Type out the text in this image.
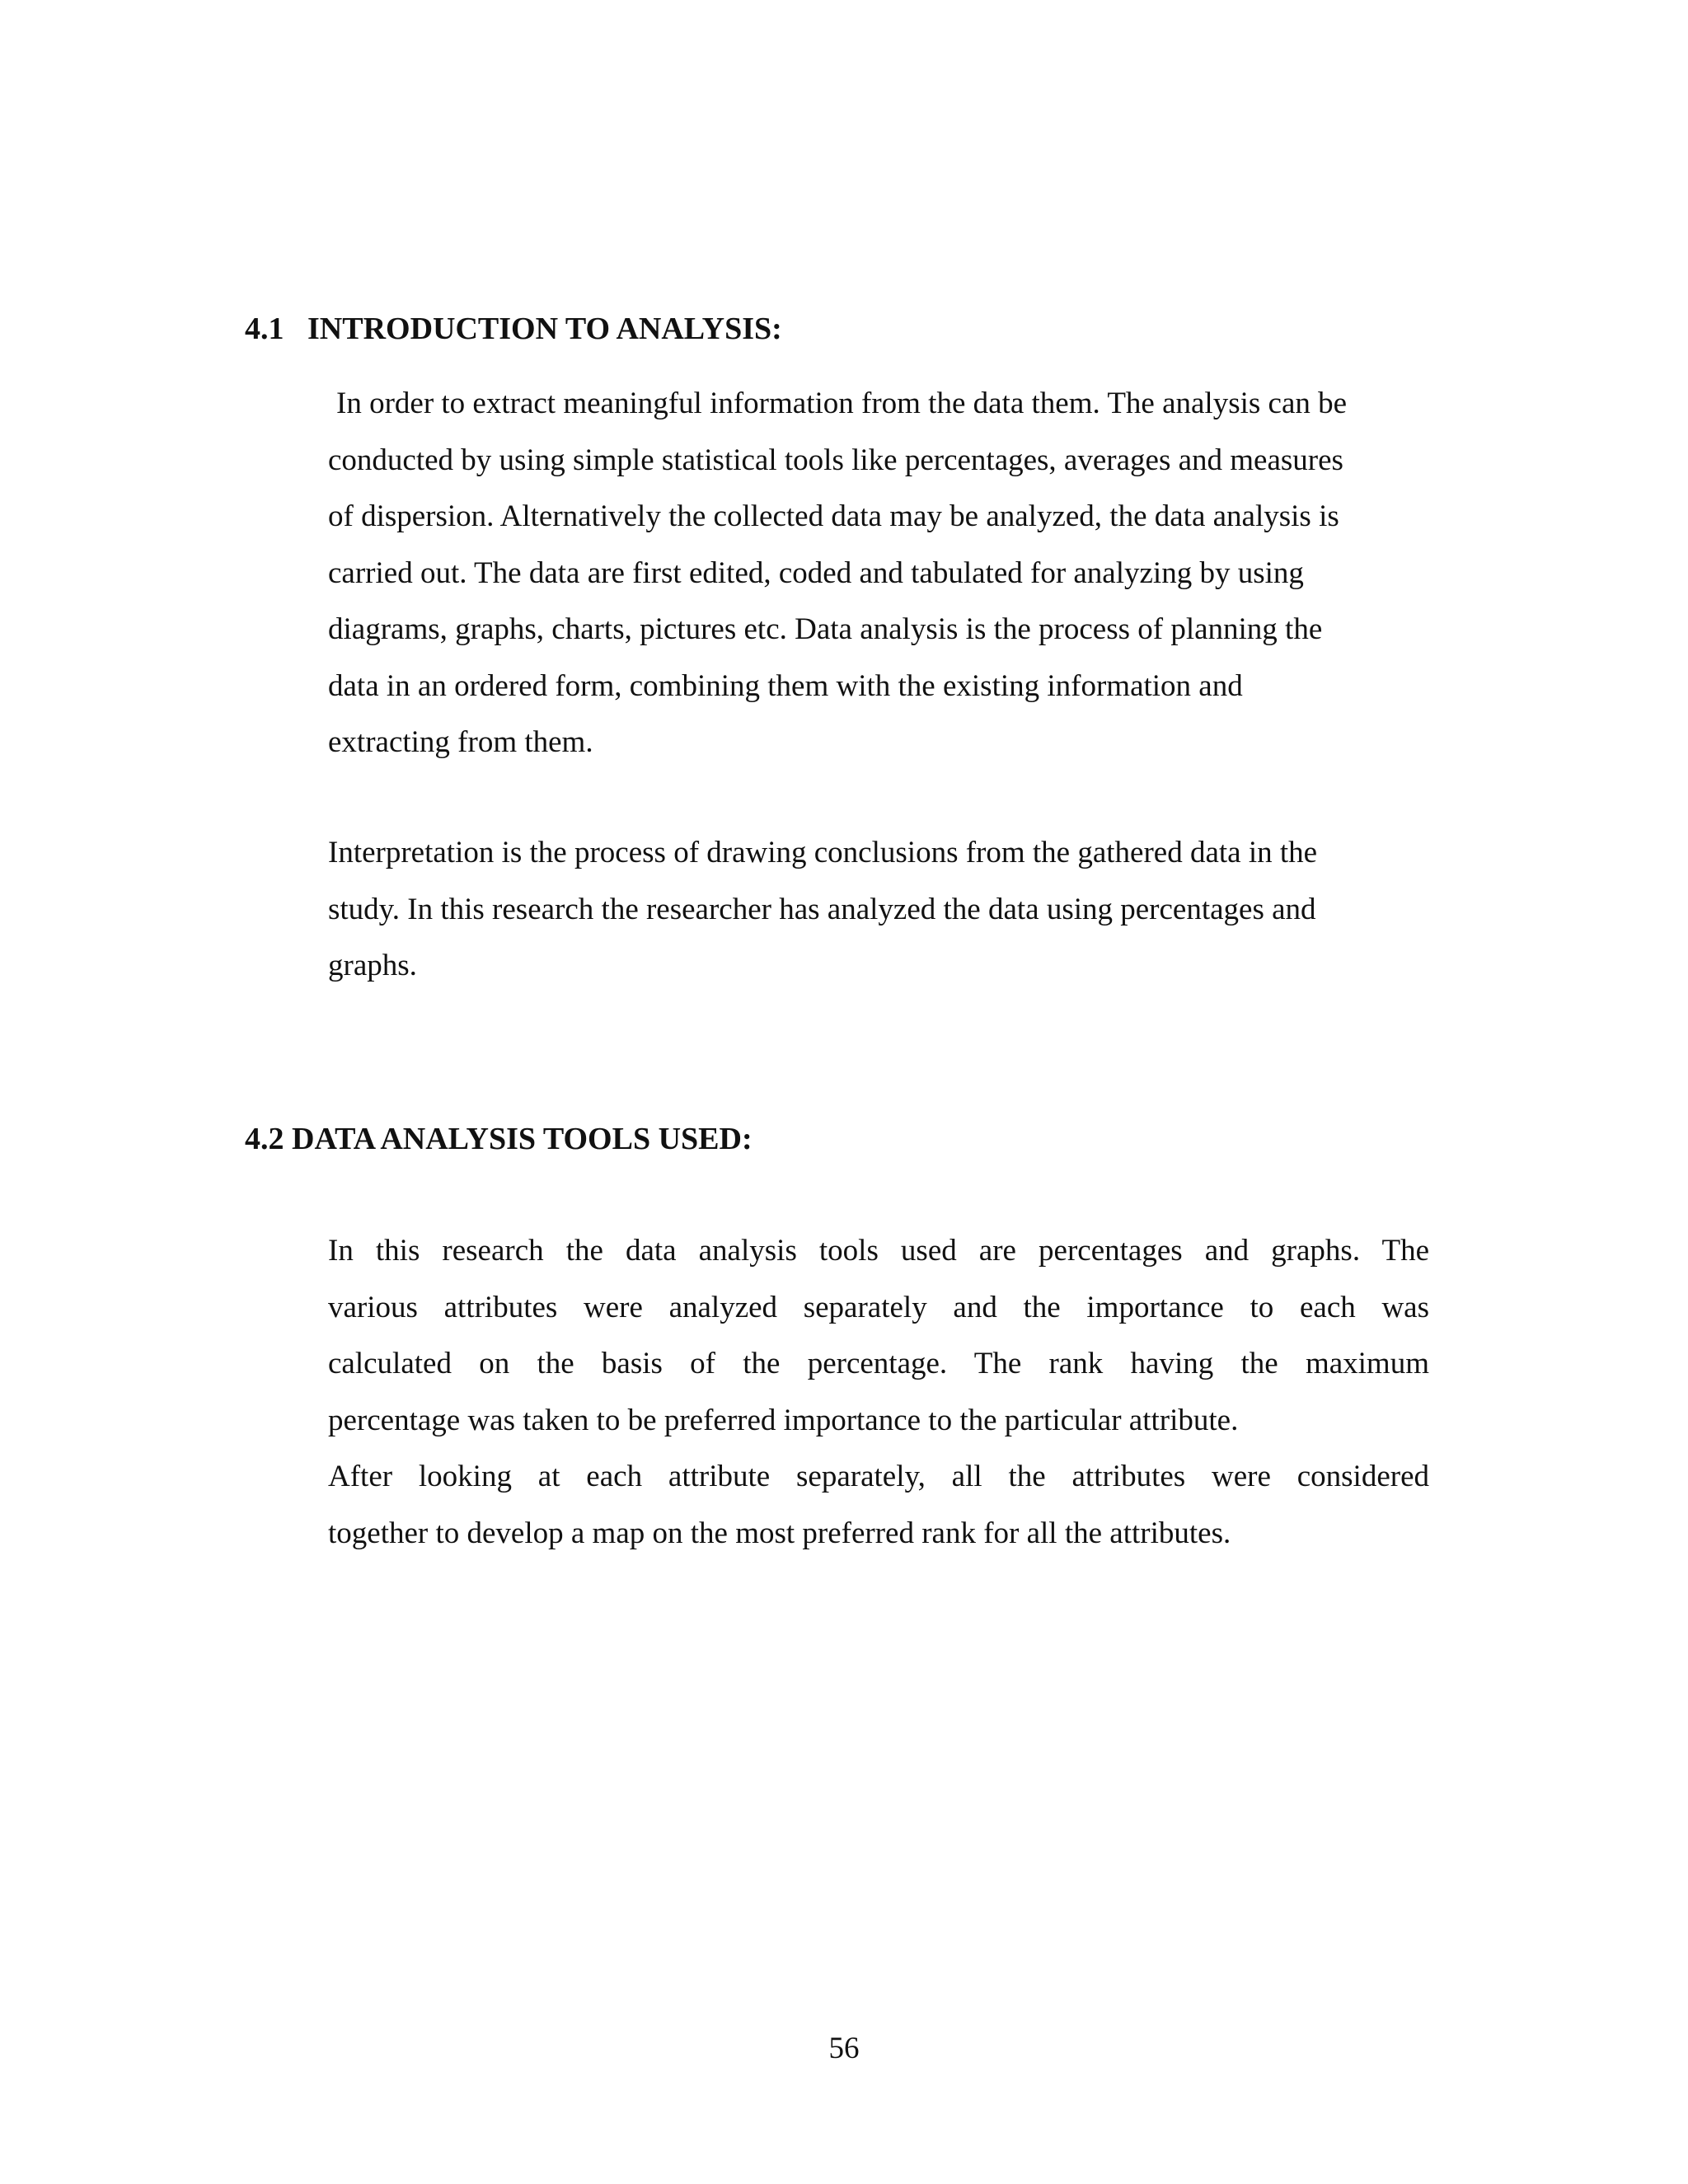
4.1   INTRODUCTION TO ANALYSIS:

In order to extract meaningful information from the data them. The analysis can be
conducted by using simple statistical tools like percentages, averages and measures
of dispersion. Alternatively the collected data may be analyzed, the data analysis is
carried out. The data are first edited, coded and tabulated for analyzing by using
diagrams, graphs, charts, pictures etc. Data analysis is the process of planning the
data in an ordered form, combining them with the existing information and
extracting from them.

Interpretation is the process of drawing conclusions from the gathered data in the
study. In this research the researcher has analyzed the data using percentages and
graphs.

4.2 DATA ANALYSIS TOOLS USED:

In this research the data analysis tools used are percentages and graphs. The
various attributes were analyzed separately and the importance to each was
calculated on the basis of the percentage. The rank having the maximum
percentage was taken to be preferred importance to the particular attribute.

After looking at each attribute separately, all the attributes were considered
together to develop a map on the most preferred rank for all the attributes.

56
